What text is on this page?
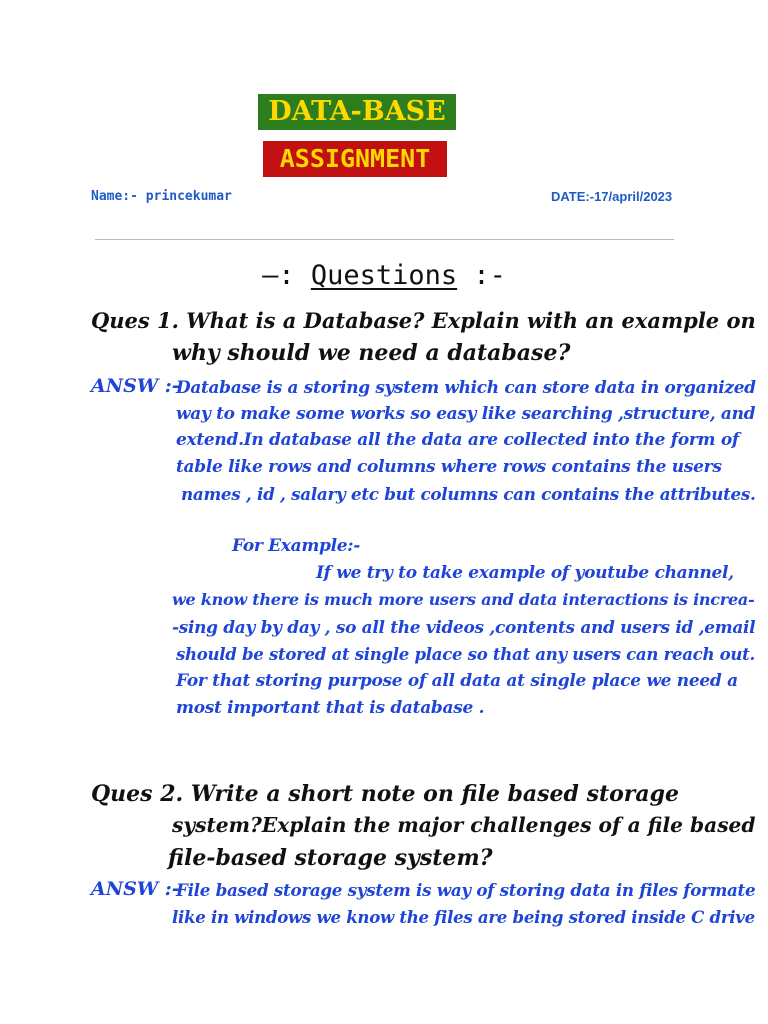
DATA-BASE
ASSIGNMENT
Name:- princekumar	DATE:-17/april/2023
—: Questions :-
Ques 1. What is a Database? Explain with an example on
why should we need a database?
ANSW :-
Database is a storing system which can store data in organized
way to make some works so easy like searching ,structure, and
extend.In database all the data are collected into the form of
table like rows and columns where rows contains the users
names , id , salary etc but columns can contains the attributes.
For Example:-
If we try to take example of youtube channel,
we know there is much more users and data interactions is increa-
-sing day by day , so all the videos ,contents and users id ,email
should be stored at single place so that any users can reach out.
For that storing purpose of all data at single place we need a
most important that is database .
Ques 2. Write a short note on file based storage
system?Explain the major challenges of a file based
file-based storage system?
ANSW :-
File based storage system is way of storing data in files formate
like in windows we know the files are being stored inside C drive
